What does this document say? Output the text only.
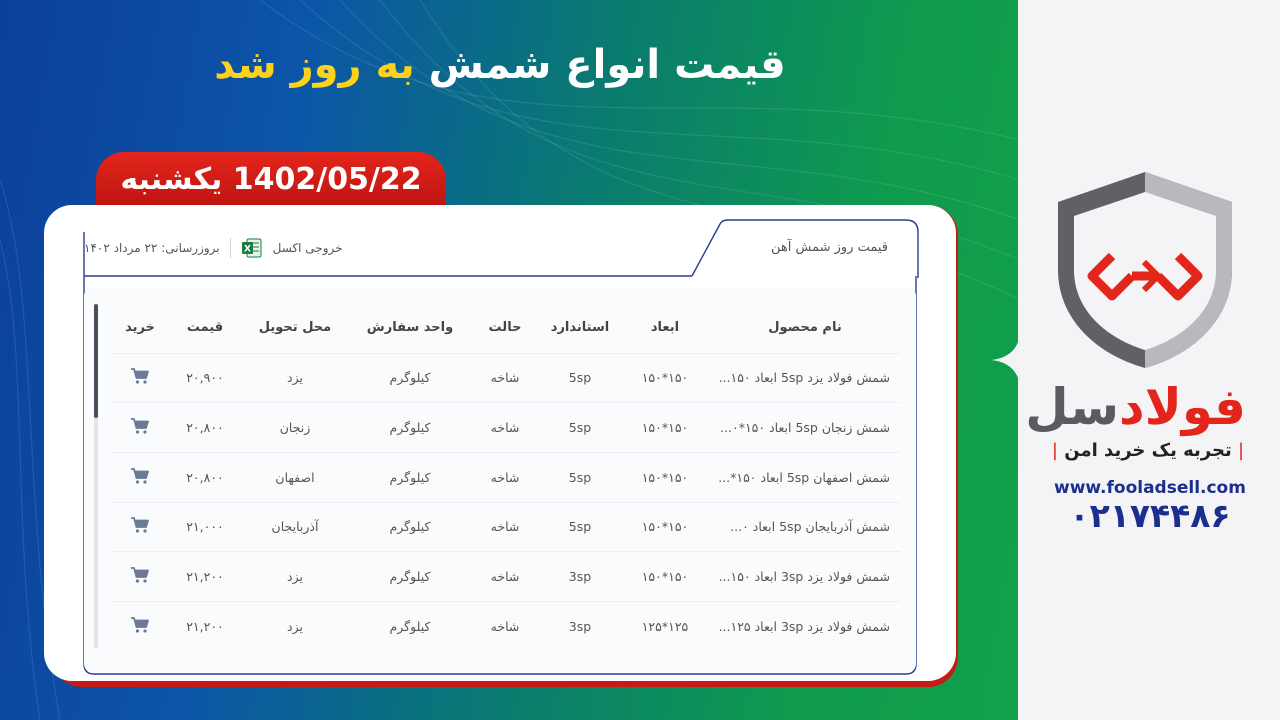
قیمت انواع شمش به روز شد
1402/05/22 یکشنبه
قیمت روز شمش آهن
بروزرسانی: ۲۲ مرداد ۱۴۰۲	X خروجی اکسل
نام محصول	ابعاد	استاندارد	حالت	واحد سفارش	محل تحویل	قیمت	خرید
شمش فولاد یزد 5sp ابعاد ۱۵۰...	۱۵۰*۱۵۰	5sp	شاخه	کیلوگرم	یزد	۲۰,۹۰۰	
شمش زنجان 5sp ابعاد ۱۵۰*۰...	۱۵۰*۱۵۰	5sp	شاخه	کیلوگرم	زنجان	۲۰,۸۰۰	
شمش اصفهان 5sp ابعاد ۱۵۰*...	۱۵۰*۱۵۰	5sp	شاخه	کیلوگرم	اصفهان	۲۰,۸۰۰	
شمش آذربایجان 5sp ابعاد ۰...	۱۵۰*۱۵۰	5sp	شاخه	کیلوگرم	آذربایجان	۲۱,۰۰۰	
شمش فولاد یزد 3sp ابعاد ۱۵۰...	۱۵۰*۱۵۰	3sp	شاخه	کیلوگرم	یزد	۲۱,۲۰۰	
شمش فولاد یزد 3sp ابعاد ۱۲۵...	۱۲۵*۱۲۵	3sp	شاخه	کیلوگرم	یزد	۲۱,۲۰۰	
فولادسل
| تجربه یک خرید امن |
www.fooladsell.com
۰۲۱۷۴۴۸۶
